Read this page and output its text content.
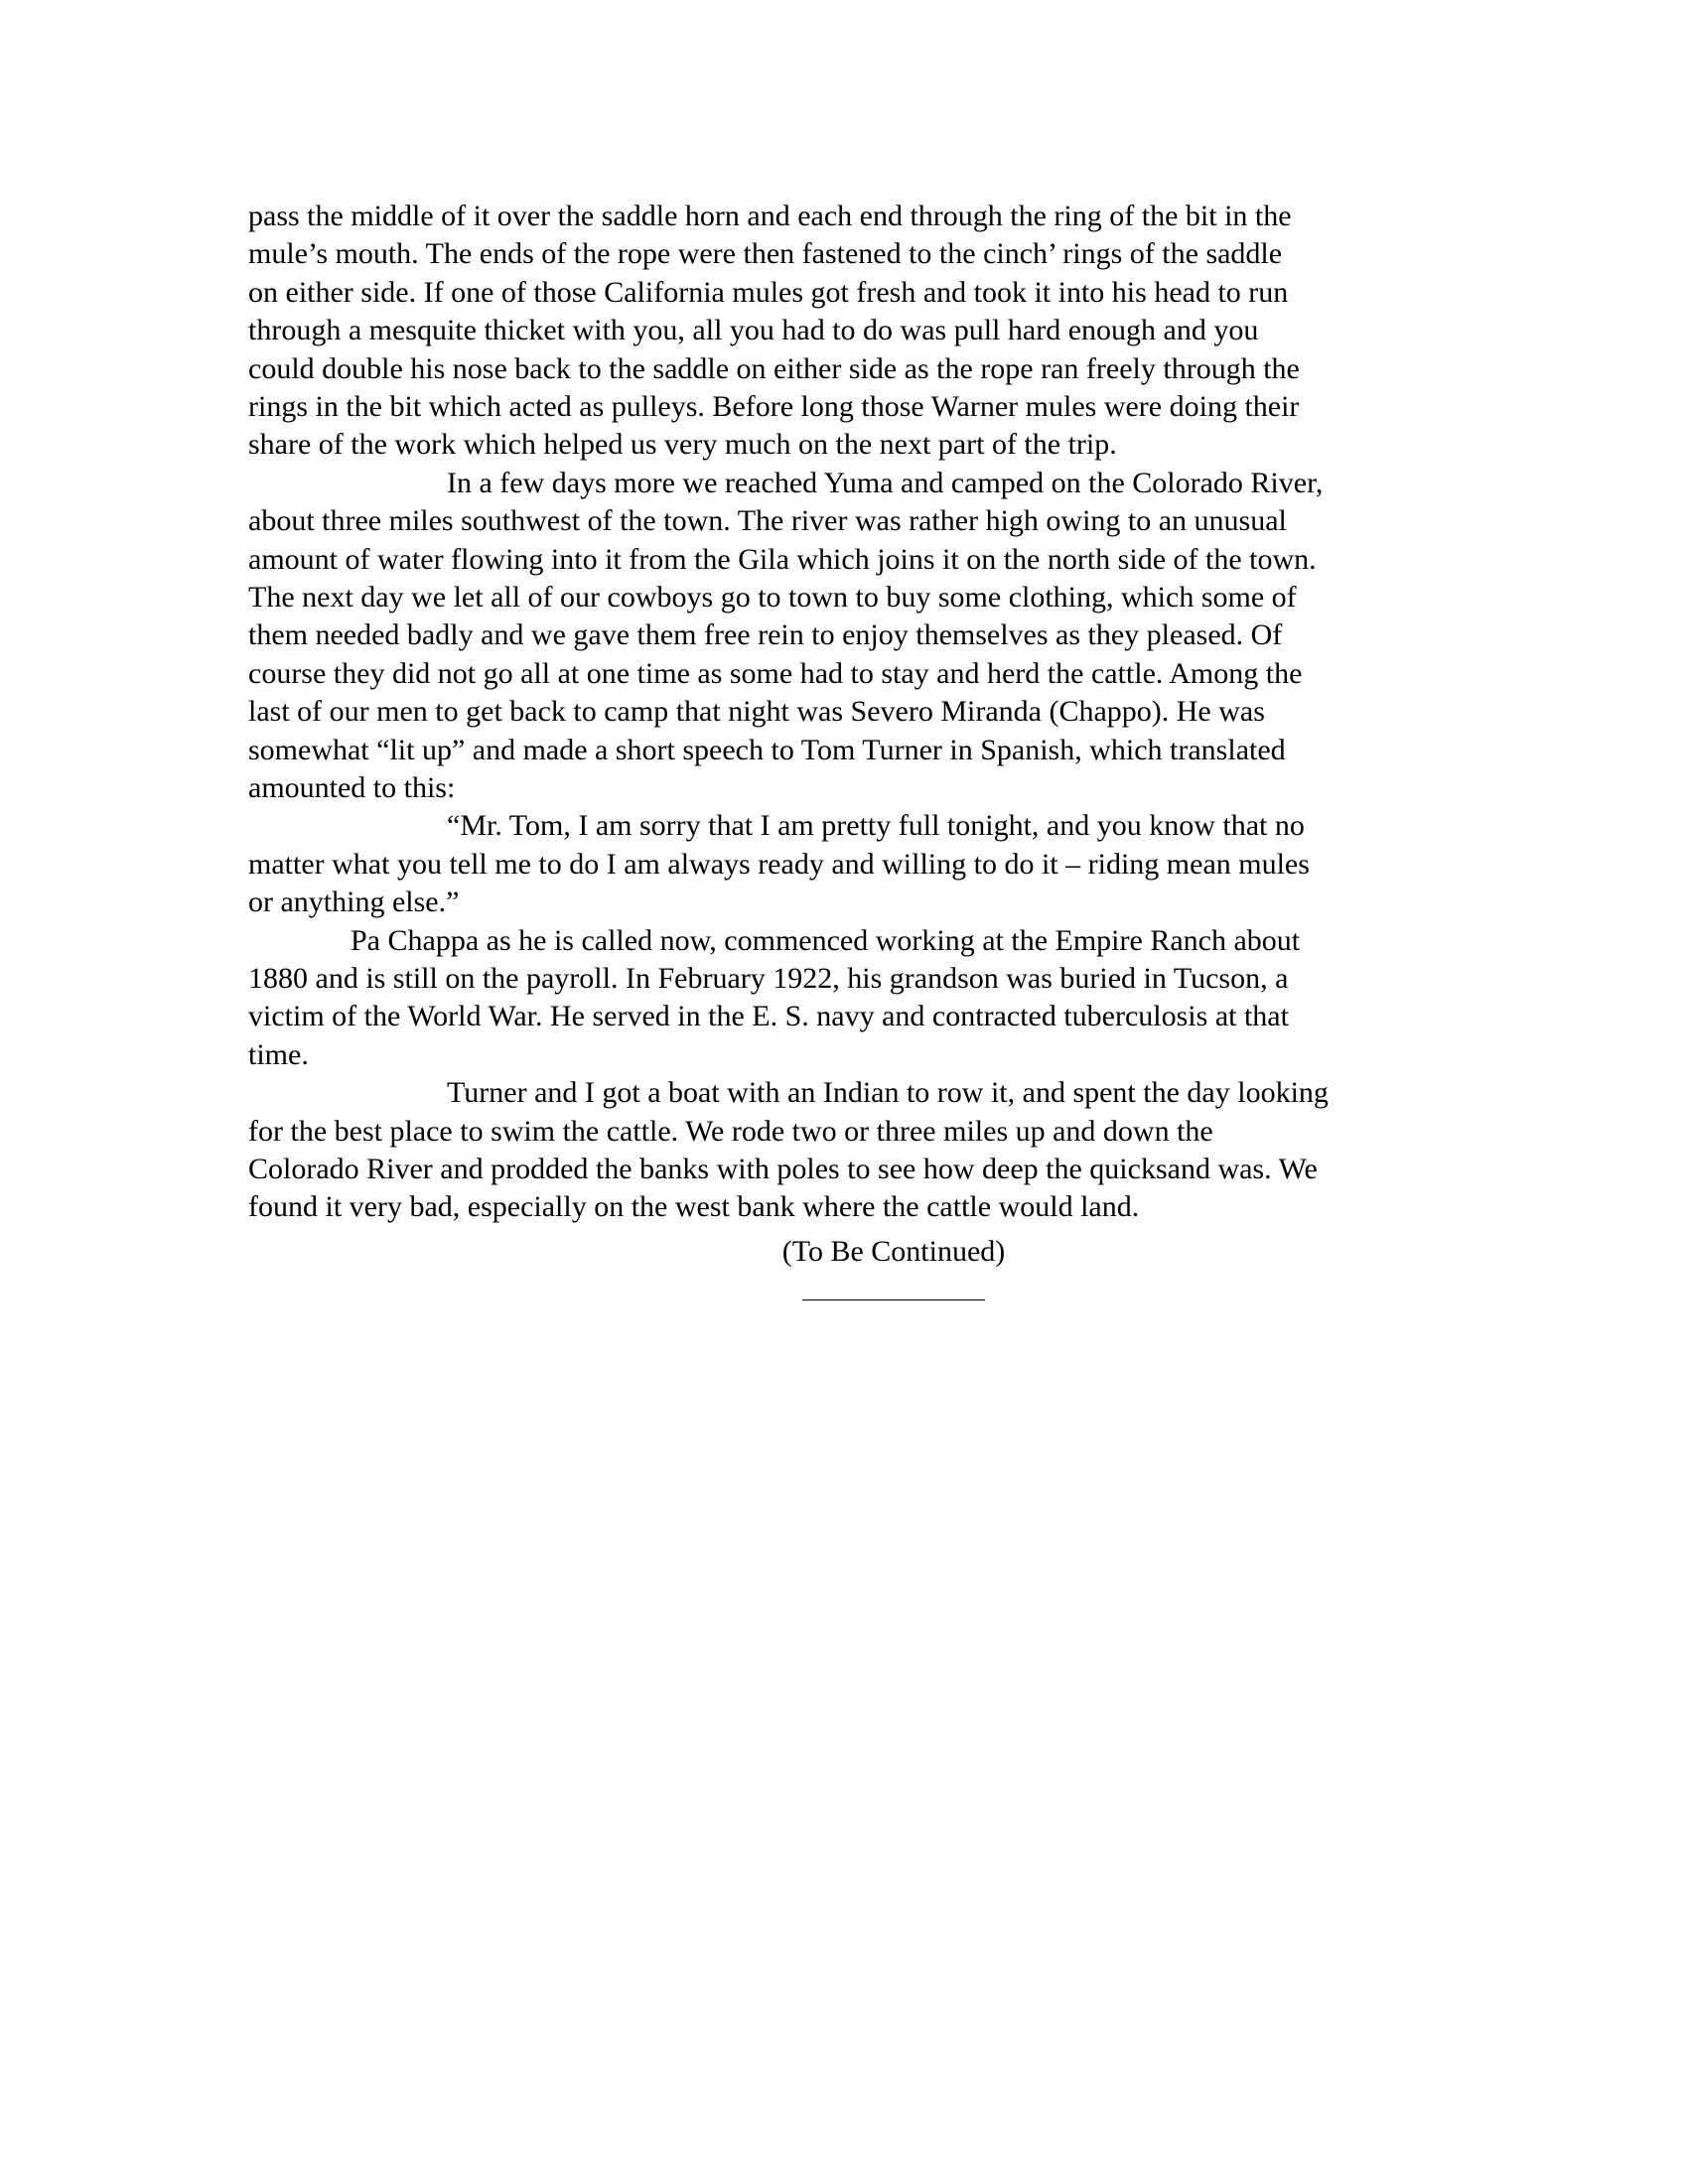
pass the middle of it over the saddle horn and each end through the ring of the bit in the
mule’s mouth. The ends of the rope were then fastened to the cinch’ rings of the saddle
on either side. If one of those California mules got fresh and took it into his head to run
through a mesquite thicket with you, all you had to do was pull hard enough and you
could double his nose back to the saddle on either side as the rope ran freely through the
rings in the bit which acted as pulleys. Before long those Warner mules were doing their
share of the work which helped us very much on the next part of the trip.
In a few days more we reached Yuma and camped on the Colorado River,
about three miles southwest of the town. The river was rather high owing to an unusual
amount of water flowing into it from the Gila which joins it on the north side of the town.
The next day we let all of our cowboys go to town to buy some clothing, which some of
them needed badly and we gave them free rein to enjoy themselves as they pleased. Of
course they did not go all at one time as some had to stay and herd the cattle. Among the
last of our men to get back to camp that night was Severo Miranda (Chappo). He was
somewhat “lit up” and made a short speech to Tom Turner in Spanish, which translated
amounted to this:
“Mr. Tom, I am sorry that I am pretty full tonight, and you know that no
matter what you tell me to do I am always ready and willing to do it – riding mean mules
or anything else.”
Pa Chappa as he is called now, commenced working at the Empire Ranch about
1880 and is still on the payroll. In February 1922, his grandson was buried in Tucson, a
victim of the World War. He served in the E. S. navy and contracted tuberculosis at that
time.
Turner and I got a boat with an Indian to row it, and spent the day looking
for the best place to swim the cattle. We rode two or three miles up and down the
Colorado River and prodded the banks with poles to see how deep the quicksand was. We
found it very bad, especially on the west bank where the cattle would land.
(To Be Continued)
